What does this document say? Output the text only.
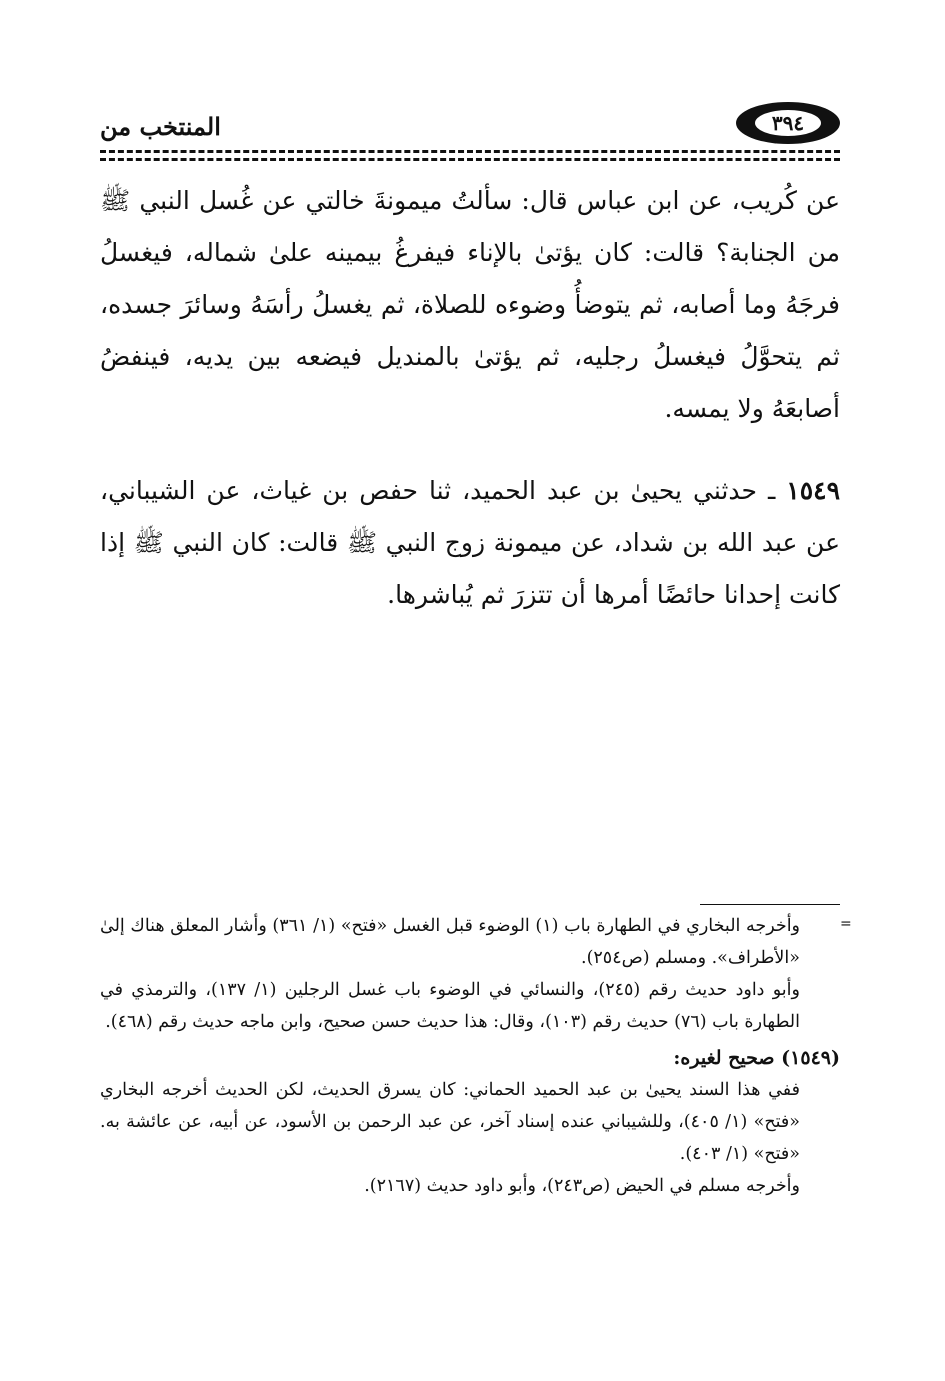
المنتخب من	٣٩٤

عن كُريب، عن ابن عباس قال: سألتُ ميمونةَ خالتي عن غُسل النبي ﷺ من الجنابة؟ قالت: كان يؤتىٰ بالإناء فيفرغُ بيمينه علىٰ شماله، فيغسلُ فرجَهُ وما أصابه، ثم يتوضأُ وضوءه للصلاة، ثم يغسلُ رأسَهُ وسائرَ جسده، ثم يتحوَّلُ فيغسلُ رجليه، ثم يؤتىٰ بالمنديل فيضعه بين يديه، فينفضُ أصابعَهُ ولا يمسه.

١٥٤٩ ـ حدثني يحيىٰ بن عبد الحميد، ثنا حفص بن غياث، عن الشيباني، عن عبد الله بن شداد، عن ميمونة زوج النبي ﷺ قالت: كان النبي ﷺ إذا كانت إحدانا حائضًا أمرها أن تتزرَ ثم يُباشرها.

=

وأخرجه البخاري في الطهارة باب (١) الوضوء قبل الغسل «فتح» (١/ ٣٦١) وأشار المعلق هناك إلىٰ «الأطراف». ومسلم (ص٢٥٤).

وأبو داود حديث رقم (٢٤٥)، والنسائي في الوضوء باب غسل الرجلين (١/ ١٣٧)، والترمذي في الطهارة باب (٧٦) حديث رقم (١٠٣)، وقال: هذا حديث حسن صحيح، وابن ماجه حديث رقم (٤٦٨).

(١٥٤٩) صحيح لغيره:

ففي هذا السند يحيىٰ بن عبد الحميد الحماني: كان يسرق الحديث، لكن الحديث أخرجه البخاري «فتح» (١/ ٤٠٥)، وللشيباني عنده إسناد آخر، عن عبد الرحمن بن الأسود، عن أبيه، عن عائشة به. «فتح» (١/ ٤٠٣).

وأخرجه مسلم في الحيض (ص٢٤٣)، وأبو داود حديث (٢١٦٧).
